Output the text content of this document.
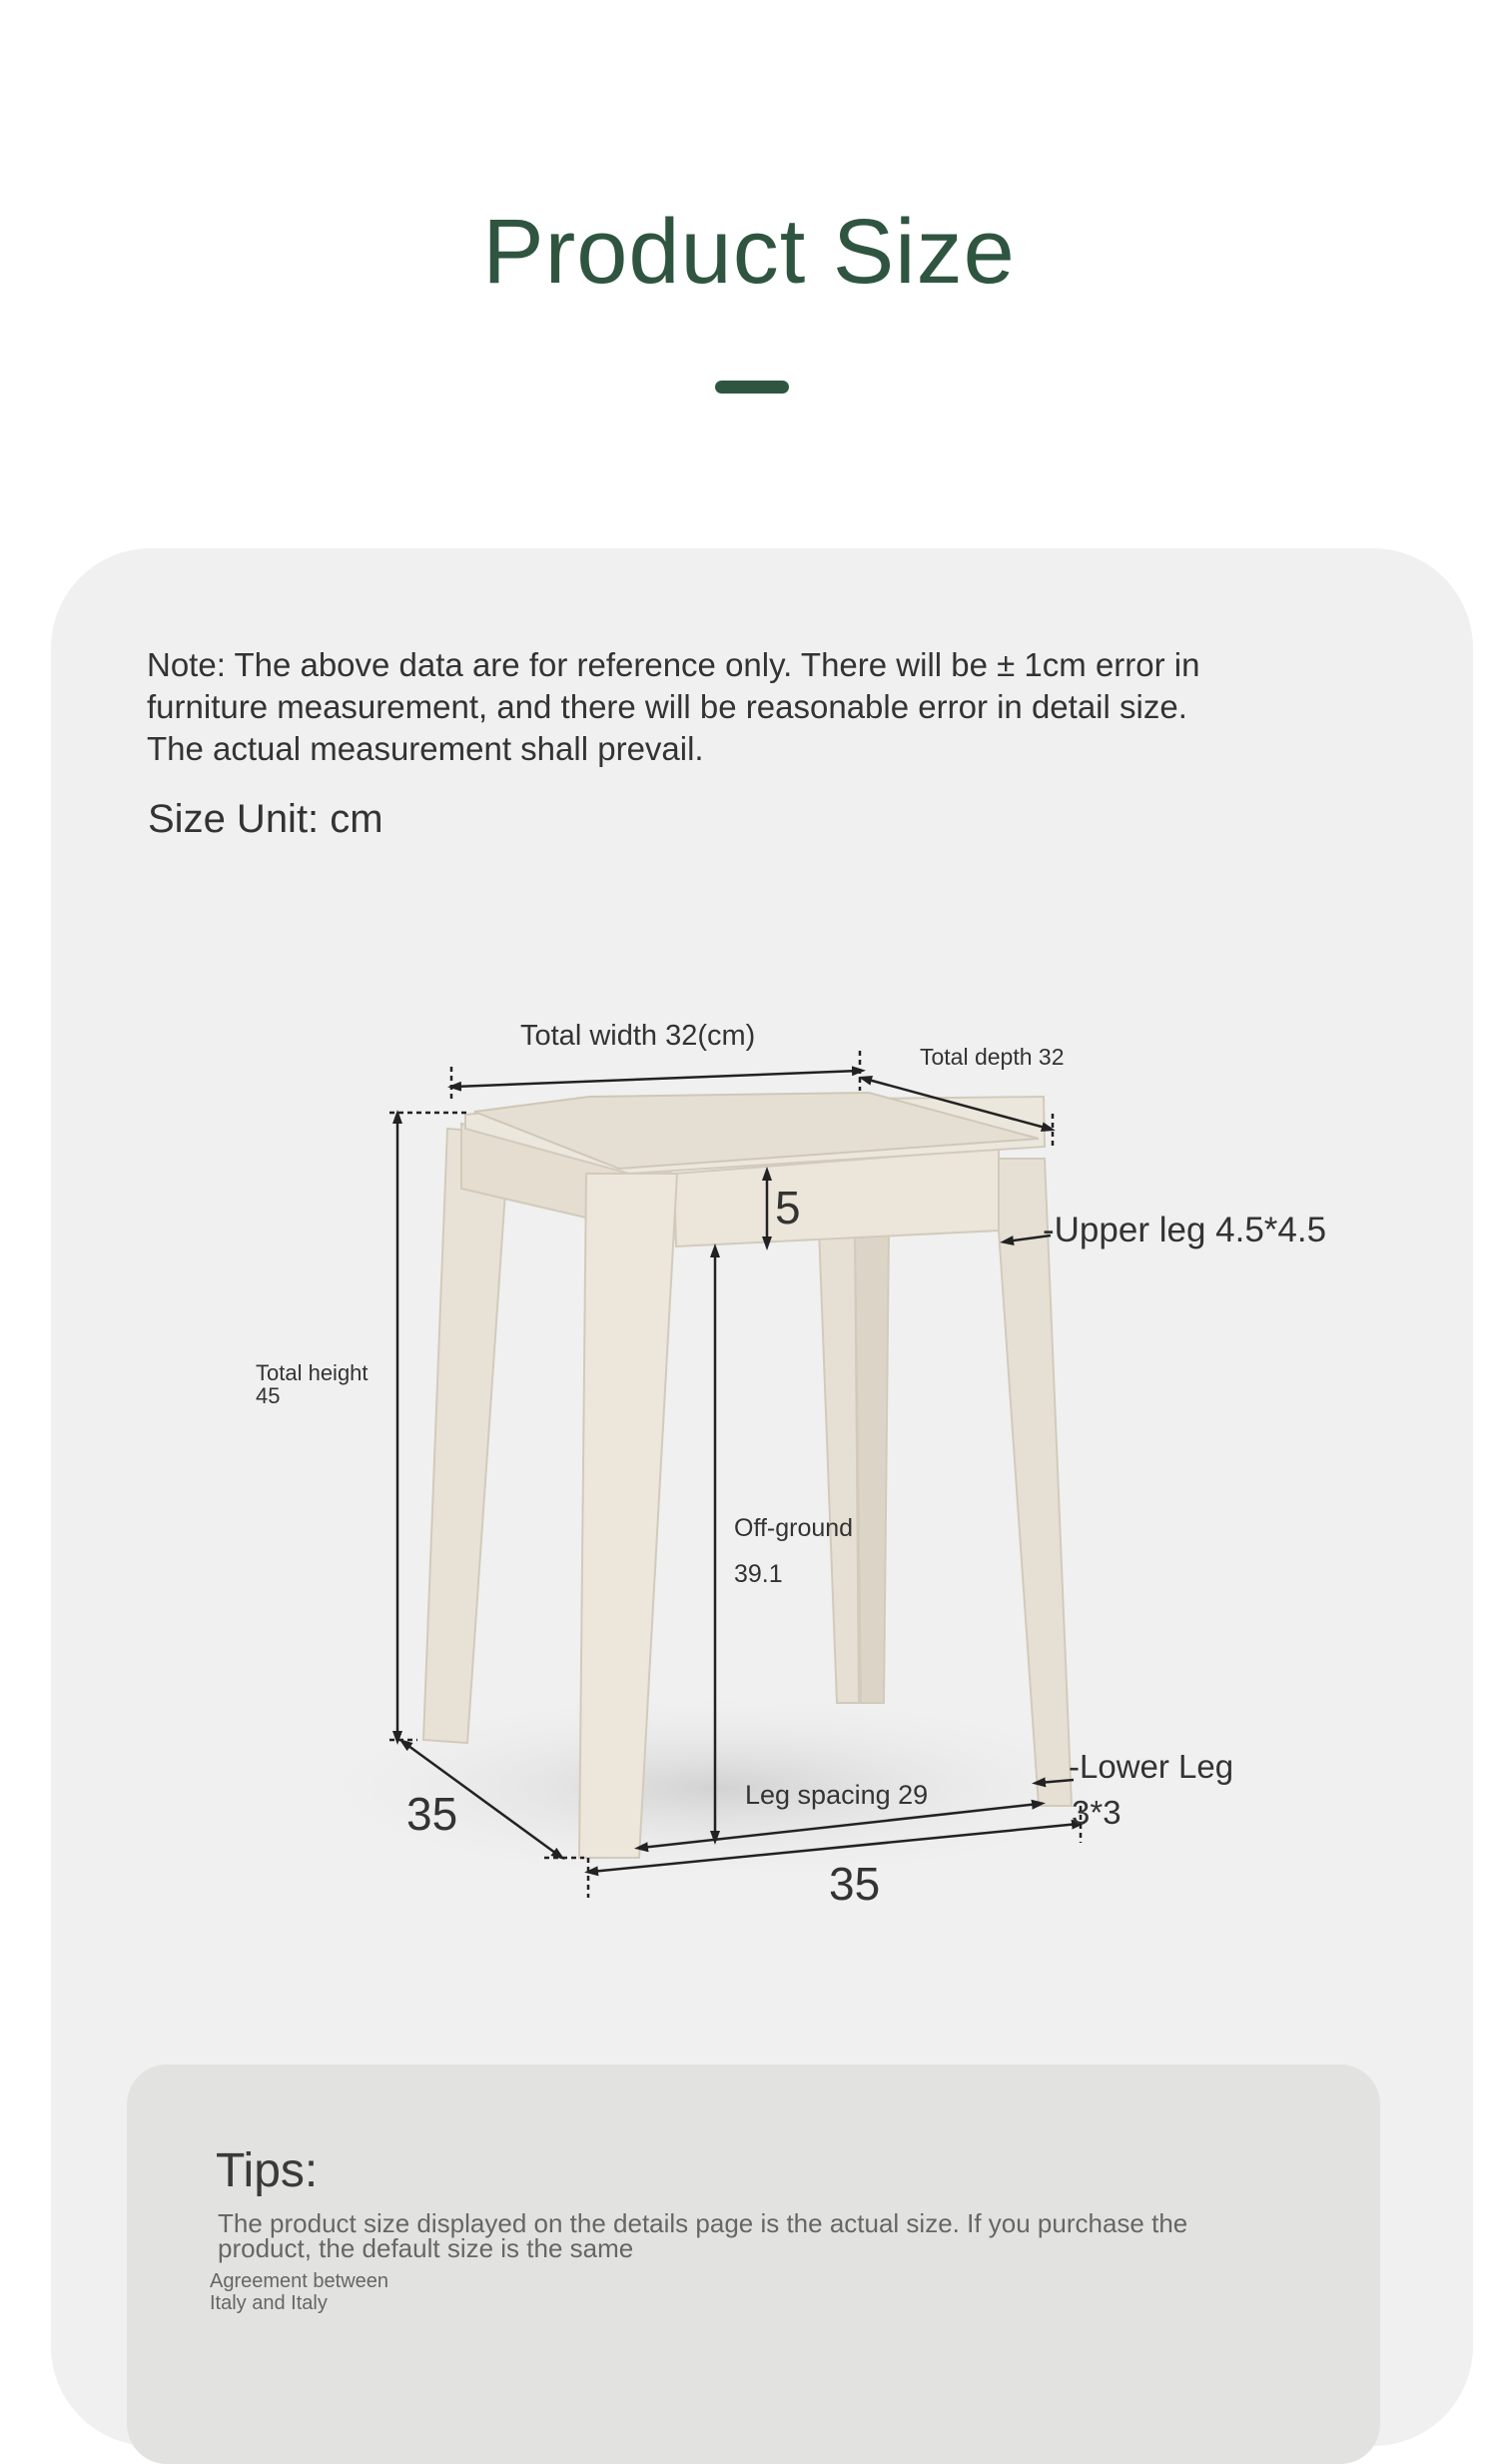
Product Size
Note: The above data are for reference only. There will be ± 1cm error in furniture measurement, and there will be reasonable error in detail size. The actual measurement shall prevail.
Size Unit: cm
Total width 32(cm)
Total depth 32
Total height
45
5	-Upper leg 4.5*4.5
Off-ground
39.1
Leg spacing 29
-Lower Leg
3*3
35
35
Tips:
The product size displayed on the details page is the actual size. If you purchase the product, the default size is the same
Agreement between
Italy and Italy
